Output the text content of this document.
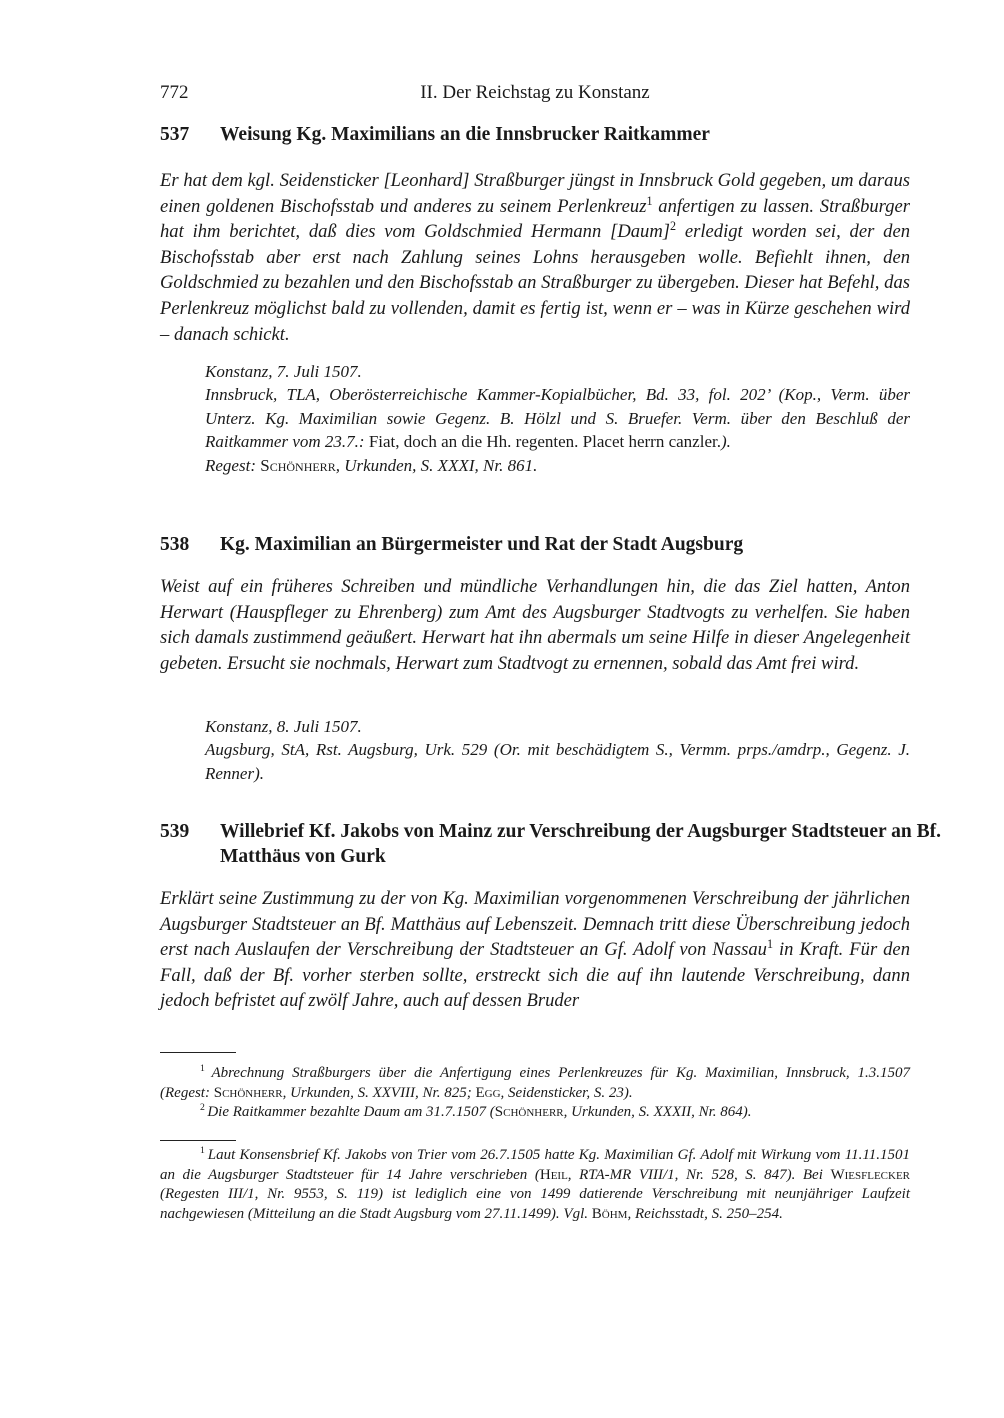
772	II. Der Reichstag zu Konstanz
537 Weisung Kg. Maximilians an die Innsbrucker Raitkammer
Er hat dem kgl. Seidensticker [Leonhard] Straßburger jüngst in Innsbruck Gold gegeben, um daraus einen goldenen Bischofsstab und anderes zu seinem Perlenkreuz$^1$ anfertigen zu lassen. Straßburger hat ihm berichtet, daß dies vom Goldschmied Hermann [Daum]$^2$ erledigt worden sei, der den Bischofsstab aber erst nach Zahlung seines Lohns herausgeben wolle. Befiehlt ihnen, den Goldschmied zu bezahlen und den Bischofsstab an Straßburger zu übergeben. Dieser hat Befehl, das Perlenkreuz möglichst bald zu vollenden, damit es fertig ist, wenn er – was in Kürze geschehen wird – danach schickt.

Konstanz, 7. Juli 1507.

Innsbruck, TLA, Oberösterreichische Kammer-Kopialbücher, Bd. 33, fol. 202’ (Kop., Verm. über Unterz. Kg. Maximilian sowie Gegenz. B. Hölzl und S. Bruefer. Verm. über den Beschluß der Raitkammer vom 23.7.: Fiat, doch an die Hh. regenten. Placet herrn canzler.).

Regest: Schönherr, Urkunden, S. XXXI, Nr. 861.

538 Kg. Maximilian an Bürgermeister und Rat der Stadt Augsburg
Weist auf ein früheres Schreiben und mündliche Verhandlungen hin, die das Ziel hatten, Anton Herwart (Hauspfleger zu Ehrenberg) zum Amt des Augsburger Stadtvogts zu verhelfen. Sie haben sich damals zustimmend geäußert. Herwart hat ihn abermals um seine Hilfe in dieser Angelegenheit gebeten. Ersucht sie nochmals, Herwart zum Stadtvogt zu ernennen, sobald das Amt frei wird.

Konstanz, 8. Juli 1507.

Augsburg, StA, Rst. Augsburg, Urk. 529 (Or. mit beschädigtem S., Vermm. prps./amdrp., Gegenz. J. Renner).

539 Willebrief Kf. Jakobs von Mainz zur Verschreibung der Augsburger Stadtsteuer an Bf. Matthäus von Gurk
Erklärt seine Zustimmung zu der von Kg. Maximilian vorgenommenen Verschreibung der jährlichen Augsburger Stadtsteuer an Bf. Matthäus auf Lebenszeit. Demnach tritt diese Überschreibung jedoch erst nach Auslaufen der Verschreibung der Stadtsteuer an Gf. Adolf von Nassau$^1$ in Kraft. Für den Fall, daß der Bf. vorher sterben sollte, erstreckt sich die auf ihn lautende Verschreibung, dann jedoch befristet auf zwölf Jahre, auch auf dessen Bruder

$^1$ Abrechnung Straßburgers über die Anfertigung eines Perlenkreuzes für Kg. Maximilian, Innsbruck, 1.3.1507 (Regest: Schönherr, Urkunden, S. XXVIII, Nr. 825; Egg, Seidensticker, S. 23).

$^2$ Die Raitkammer bezahlte Daum am 31.7.1507 (Schönherr, Urkunden, S. XXXII, Nr. 864).

$^1$ Laut Konsensbrief Kf. Jakobs von Trier vom 26.7.1505 hatte Kg. Maximilian Gf. Adolf mit Wirkung vom 11.11.1501 an die Augsburger Stadtsteuer für 14 Jahre verschrieben (Heil, RTA-MR VIII/1, Nr. 528, S. 847). Bei Wiesflecker (Regesten III/1, Nr. 9553, S. 119) ist lediglich eine von 1499 datierende Verschreibung mit neunjähriger Laufzeit nachgewiesen (Mitteilung an die Stadt Augsburg vom 27.11.1499). Vgl. Böhm, Reichsstadt, S. 250–254.
